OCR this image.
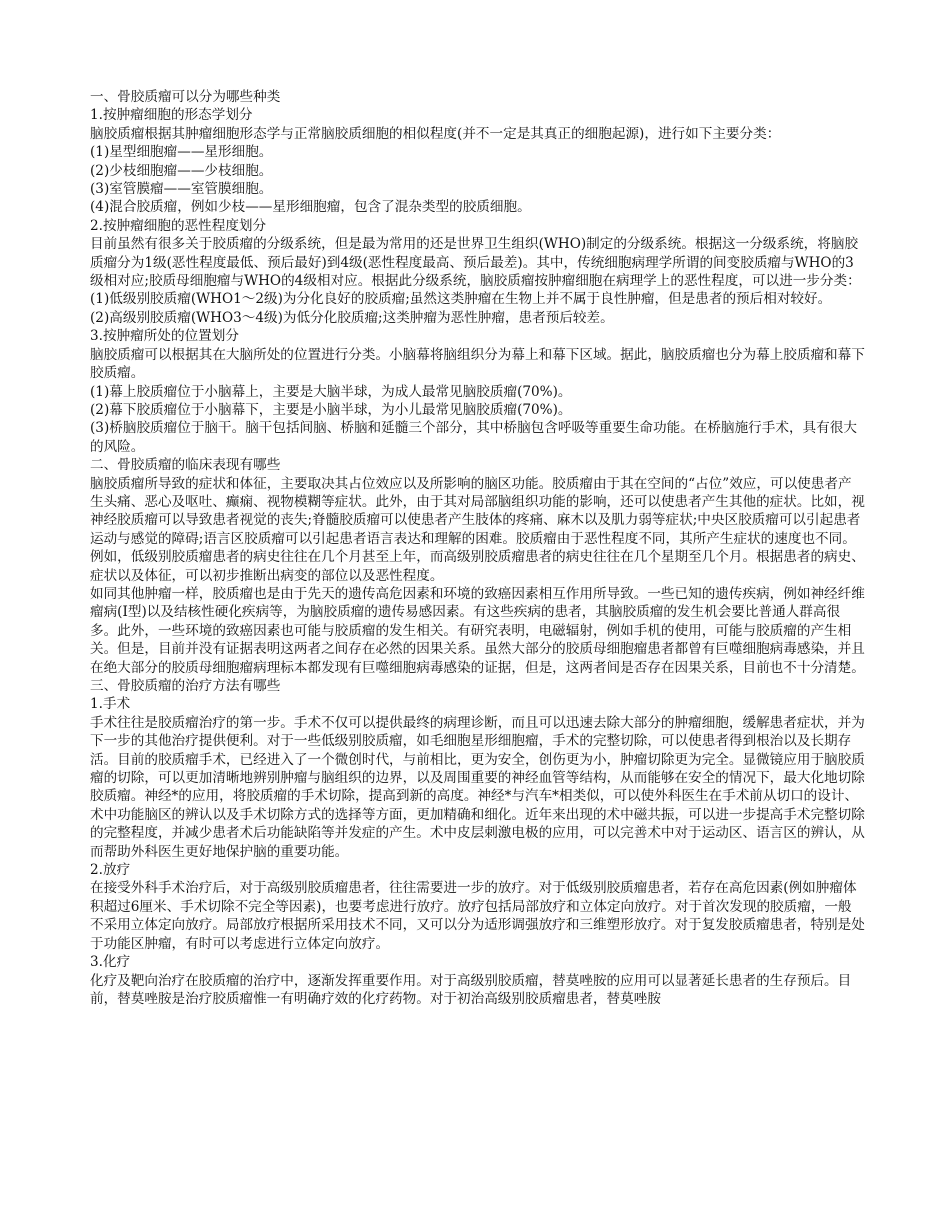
一、骨胶质瘤可以分为哪些种类

1.按肿瘤细胞的形态学划分

脑胶质瘤根据其肿瘤细胞形态学与正常脑胶质细胞的相似程度(并不一定是其真正的细胞起源)，进行如下主要分类：

(1)星型细胞瘤——星形细胞。

(2)少枝细胞瘤——少枝细胞。

(3)室管膜瘤——室管膜细胞。

(4)混合胶质瘤，例如少枝——星形细胞瘤，包含了混杂类型的胶质细胞。

2.按肿瘤细胞的恶性程度划分

目前虽然有很多关于胶质瘤的分级系统，但是最为常用的还是世界卫生组织(WHO)制定的分级系统。根据这一分级系统，将脑胶质瘤分为1级(恶性程度最低、预后最好)到4级(恶性程度最高、预后最差)。其中，传统细胞病理学所谓的间变胶质瘤与WHO的3级相对应;胶质母细胞瘤与WHO的4级相对应。根据此分级系统，脑胶质瘤按肿瘤细胞在病理学上的恶性程度，可以进一步分类：

(1)低级别胶质瘤(WHO1～2级)为分化良好的胶质瘤;虽然这类肿瘤在生物上并不属于良性肿瘤，但是患者的预后相对较好。

(2)高级别胶质瘤(WHO3～4级)为低分化胶质瘤;这类肿瘤为恶性肿瘤，患者预后较差。

3.按肿瘤所处的位置划分

脑胶质瘤可以根据其在大脑所处的位置进行分类。小脑幕将脑组织分为幕上和幕下区域。据此，脑胶质瘤也分为幕上胶质瘤和幕下胶质瘤。

(1)幕上胶质瘤位于小脑幕上，主要是大脑半球，为成人最常见脑胶质瘤(70%)。

(2)幕下胶质瘤位于小脑幕下，主要是小脑半球，为小儿最常见脑胶质瘤(70%)。

(3)桥脑胶质瘤位于脑干。脑干包括间脑、桥脑和延髓三个部分，其中桥脑包含呼吸等重要生命功能。在桥脑施行手术，具有很大的风险。

二、骨胶质瘤的临床表现有哪些

脑胶质瘤所导致的症状和体征，主要取决其占位效应以及所影响的脑区功能。胶质瘤由于其在空间的“占位”效应，可以使患者产生头痛、恶心及呕吐、癫痫、视物模糊等症状。此外，由于其对局部脑组织功能的影响，还可以使患者产生其他的症状。比如，视神经胶质瘤可以导致患者视觉的丧失;脊髓胶质瘤可以使患者产生肢体的疼痛、麻木以及肌力弱等症状;中央区胶质瘤可以引起患者运动与感觉的障碍;语言区胶质瘤可以引起患者语言表达和理解的困难。胶质瘤由于恶性程度不同，其所产生症状的速度也不同。例如，低级别胶质瘤患者的病史往往在几个月甚至上年，而高级别胶质瘤患者的病史往往在几个星期至几个月。根据患者的病史、症状以及体征，可以初步推断出病变的部位以及恶性程度。

如同其他肿瘤一样，胶质瘤也是由于先天的遗传高危因素和环境的致癌因素相互作用所导致。一些已知的遗传疾病，例如神经纤维瘤病(I型)以及结核性硬化疾病等，为脑胶质瘤的遗传易感因素。有这些疾病的患者，其脑胶质瘤的发生机会要比普通人群高很多。此外，一些环境的致癌因素也可能与胶质瘤的发生相关。有研究表明，电磁辐射，例如手机的使用，可能与胶质瘤的产生相关。但是，目前并没有证据表明这两者之间存在必然的因果关系。虽然大部分的胶质母细胞瘤患者都曾有巨噬细胞病毒感染，并且在绝大部分的胶质母细胞瘤病理标本都发现有巨噬细胞病毒感染的证据，但是，这两者间是否存在因果关系，目前也不十分清楚。

三、骨胶质瘤的治疗方法有哪些

1.手术

手术往往是胶质瘤治疗的第一步。手术不仅可以提供最终的病理诊断，而且可以迅速去除大部分的肿瘤细胞，缓解患者症状，并为下一步的其他治疗提供便利。对于一些低级别胶质瘤，如毛细胞星形细胞瘤，手术的完整切除，可以使患者得到根治以及长期存活。目前的胶质瘤手术，已经进入了一个微创时代，与前相比，更为安全，创伤更为小，肿瘤切除更为完全。显微镜应用于脑胶质瘤的切除，可以更加清晰地辨别肿瘤与脑组织的边界，以及周围重要的神经血管等结构，从而能够在安全的情况下，最大化地切除胶质瘤。神经*的应用，将胶质瘤的手术切除，提高到新的高度。神经*与汽车*相类似，可以使外科医生在手术前从切口的设计、术中功能脑区的辨认以及手术切除方式的选择等方面，更加精确和细化。近年来出现的术中磁共振，可以进一步提高手术完整切除的完整程度，并减少患者术后功能缺陷等并发症的产生。术中皮层刺激电极的应用，可以完善术中对于运动区、语言区的辨认，从而帮助外科医生更好地保护脑的重要功能。

2.放疗

在接受外科手术治疗后，对于高级别胶质瘤患者，往往需要进一步的放疗。对于低级别胶质瘤患者，若存在高危因素(例如肿瘤体积超过6厘米、手术切除不完全等因素)，也要考虑进行放疗。放疗包括局部放疗和立体定向放疗。对于首次发现的胶质瘤，一般不采用立体定向放疗。局部放疗根据所采用技术不同，又可以分为适形调强放疗和三维塑形放疗。对于复发胶质瘤患者，特别是处于功能区肿瘤，有时可以考虑进行立体定向放疗。

3.化疗

化疗及靶向治疗在胶质瘤的治疗中，逐渐发挥重要作用。对于高级别胶质瘤，替莫唑胺的应用可以显著延长患者的生存预后。目前，替莫唑胺是治疗胶质瘤惟一有明确疗效的化疗药物。对于初治高级别胶质瘤患者，替莫唑胺
